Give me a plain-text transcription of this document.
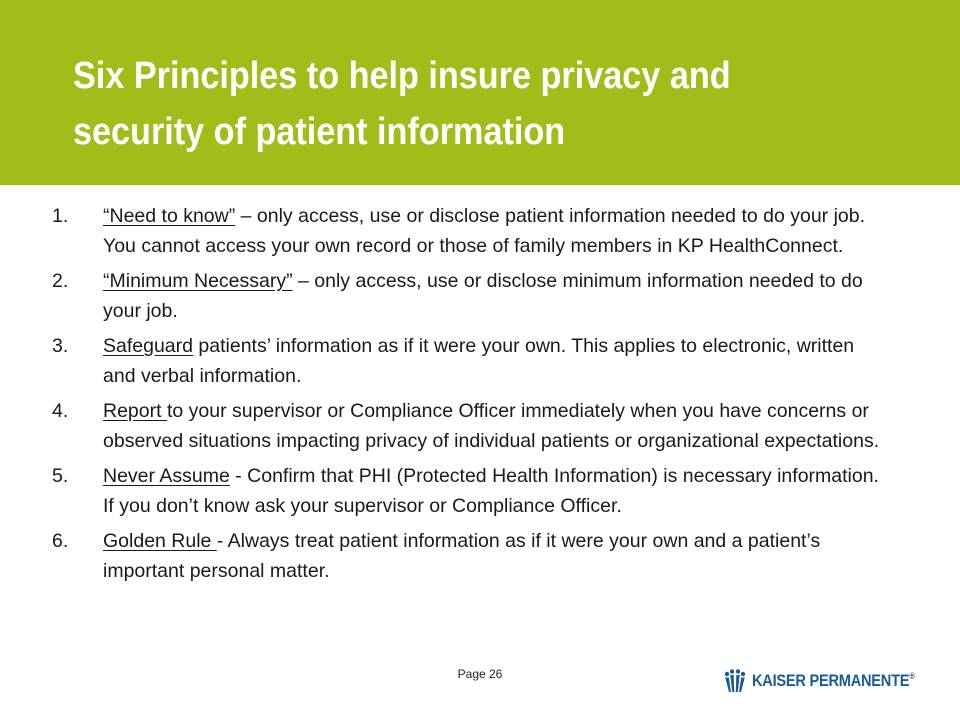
Six Principles to help insure privacy and security of patient information
1. “Need to know” – only access, use or disclose patient information needed to do your job. You cannot access your own record or those of family members in KP HealthConnect.
2. “Minimum Necessary” – only access, use or disclose minimum information needed to do your job.
3. Safeguard patients’ information as if it were your own. This applies to electronic, written and verbal information.
4. Report to your supervisor or Compliance Officer immediately when you have concerns or observed situations impacting privacy of individual patients or organizational expectations.
5. Never Assume - Confirm that PHI (Protected Health Information) is necessary information. If you don’t know ask your supervisor or Compliance Officer.
6. Golden Rule - Always treat patient information as if it were your own and a patient’s important personal matter.
Page 26	KAISER PERMANENTE®
